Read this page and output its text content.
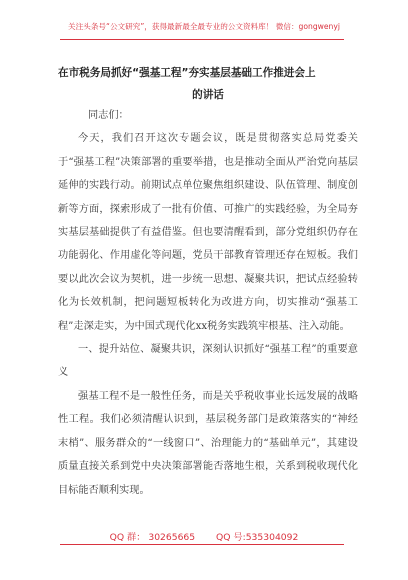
关注头条号“公文研究”，获得最新最全最专业的公文资料库！ 微信：gongwenyj
在市税务局抓好“强基工程”夯实基层基础工作推进会上
的讲话

同志们：

今天，我们召开这次专题会议，既是贯彻落实总局党委关于“强基工程”决策部署的重要举措，也是推动全面从严治党向基层延伸的实践行动。前期试点单位聚焦组织建设、队伍管理、制度创新等方面，探索形成了一批有价值、可推广的实践经验，为全局夯实基层基础提供了有益借鉴。但也要清醒看到，部分党组织仍存在功能弱化、作用虚化等问题，党员干部教育管理还存在短板。我们要以此次会议为契机，进一步统一思想、凝聚共识，把试点经验转化为长效机制，把问题短板转化为改进方向，切实推动“强基工程”走深走实，为中国式现代化xx税务实践筑牢根基、注入动能。

一、提升站位、凝聚共识，深刻认识抓好“强基工程”的重要意义

强基工程不是一般性任务，而是关乎税收事业长远发展的战略性工程。我们必须清醒认识到，基层税务部门是政策落实的“神经末梢”、服务群众的“一线窗口”、治理能力的“基础单元”，其建设质量直接关系到党中央决策部署能否落地生根，关系到税收现代化目标能否顺利实现。

QQ 群： 30265665 QQ 号:535304092
